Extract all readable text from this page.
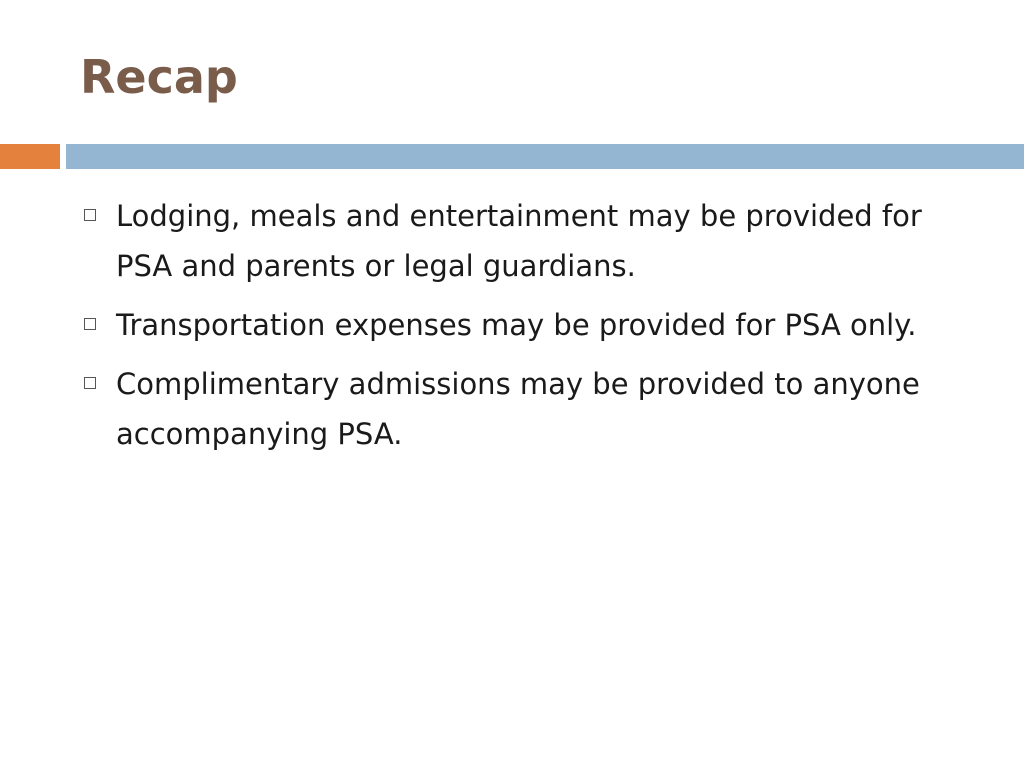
Recap
Lodging, meals and entertainment may be provided for PSA and parents or legal guardians.
Transportation expenses may be provided for PSA only.
Complimentary admissions may be provided to anyone accompanying PSA.
